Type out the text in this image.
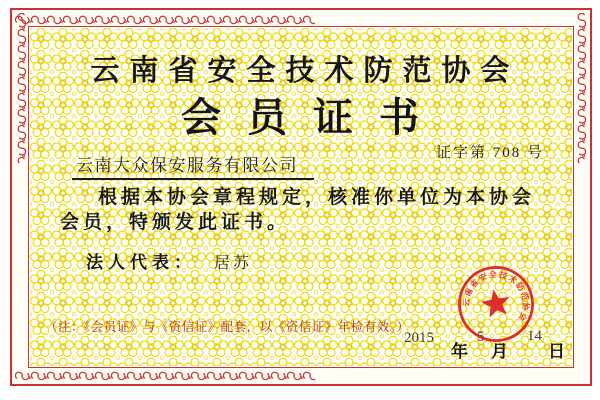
云南省安全技术防范协会
会员证书
证字第 708 号
云南大众保安服务有限公司
根据本协会章程规定，核准你单位为本协会
会员，特颁发此证书。
法人代表： 居苏
（注：《会员证》与《资信证》配套，以《资信证》年检有效。）
2015
年
5
月
14
日
云南省安全技术防范协会
